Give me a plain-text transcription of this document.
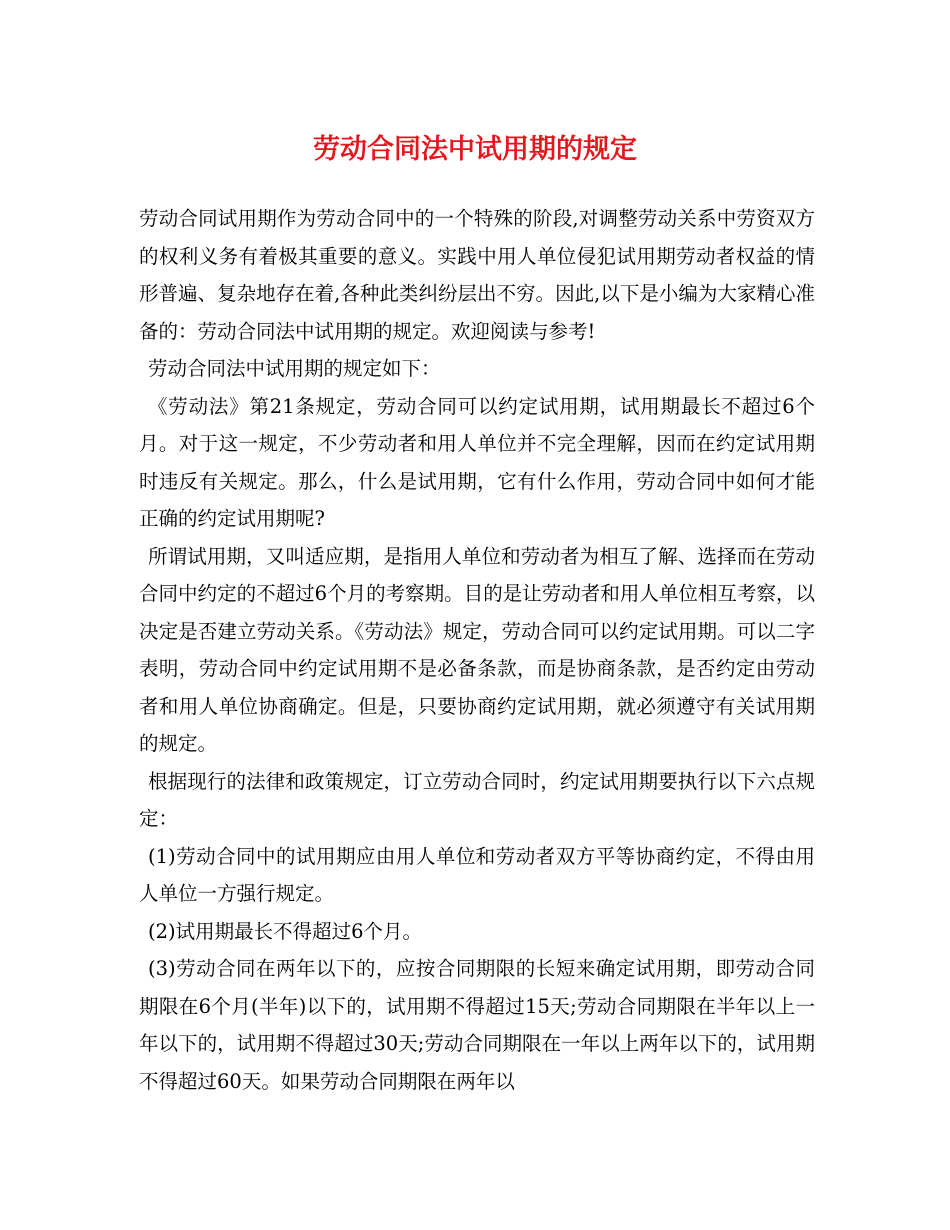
劳动合同法中试用期的规定

劳动合同试用期作为劳动合同中的一个特殊的阶段,对调整劳动关系中劳资双方的权利义务有着极其重要的意义。实践中用人单位侵犯试用期劳动者权益的情形普遍、复杂地存在着,各种此类纠纷层出不穷。因此,以下是小编为大家精心准备的：劳动合同法中试用期的规定。欢迎阅读与参考!

劳动合同法中试用期的规定如下：

《劳动法》第21条规定，劳动合同可以约定试用期，试用期最长不超过6个月。对于这一规定，不少劳动者和用人单位并不完全理解，因而在约定试用期时违反有关规定。那么，什么是试用期，它有什么作用，劳动合同中如何才能正确的约定试用期呢?

所谓试用期，又叫适应期，是指用人单位和劳动者为相互了解、选择而在劳动合同中约定的不超过6个月的考察期。目的是让劳动者和用人单位相互考察，以决定是否建立劳动关系。《劳动法》规定，劳动合同可以约定试用期。可以二字表明，劳动合同中约定试用期不是必备条款，而是协商条款，是否约定由劳动者和用人单位协商确定。但是，只要协商约定试用期，就必须遵守有关试用期的规定。

根据现行的法律和政策规定，订立劳动合同时，约定试用期要执行以下六点规定：

(1)劳动合同中的试用期应由用人单位和劳动者双方平等协商约定，不得由用人单位一方强行规定。

(2)试用期最长不得超过6个月。

(3)劳动合同在两年以下的，应按合同期限的长短来确定试用期，即劳动合同期限在6个月(半年)以下的，试用期不得超过15天;劳动合同期限在半年以上一年以下的，试用期不得超过30天;劳动合同期限在一年以上两年以下的，试用期不得超过60天。如果劳动合同期限在两年以
